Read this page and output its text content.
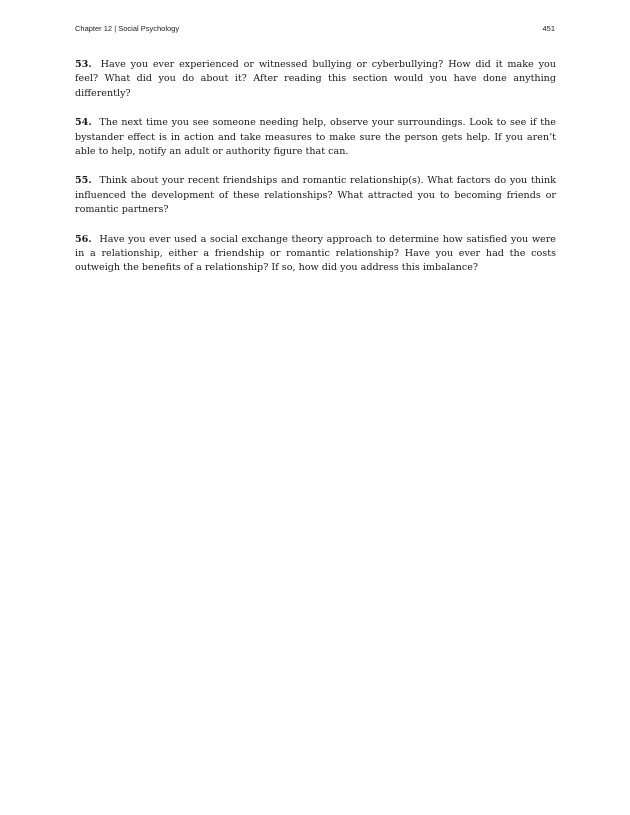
Chapter 12 | Social Psychology	451

53. Have you ever experienced or witnessed bullying or cyberbullying? How did it make you feel? What did you do about it? After reading this section would you have done anything differently?

54. The next time you see someone needing help, observe your surroundings. Look to see if the bystander effect is in action and take measures to make sure the person gets help. If you aren’t able to help, notify an adult or authority figure that can.

55. Think about your recent friendships and romantic relationship(s). What factors do you think influenced the development of these relationships? What attracted you to becoming friends or romantic partners?

56. Have you ever used a social exchange theory approach to determine how satisfied you were in a relationship, either a friendship or romantic relationship? Have you ever had the costs outweigh the benefits of a relationship? If so, how did you address this imbalance?
